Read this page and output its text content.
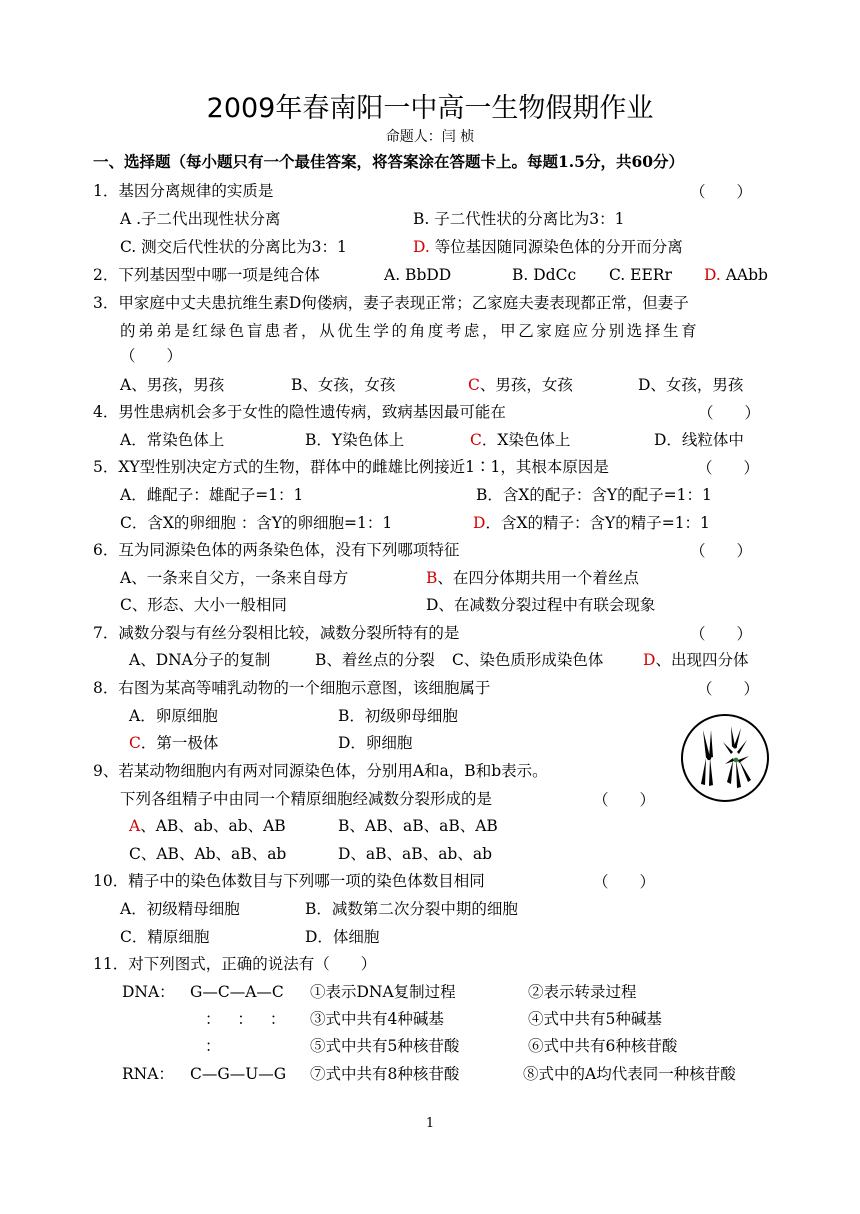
2009年春南阳一中高一生物假期作业
命题人：闫 桢
一、选择题（每小题只有一个最佳答案，将答案涂在答题卡上。每题1.5分，共60分）
1．基因分离规律的实质是	（　　）
A .子二代出现性状分离	B. 子二代性状的分离比为3：1
C. 测交后代性状的分离比为3：1	D. 等位基因随同源染色体的分开而分离
2．下列基因型中哪一项是纯合体	A. BbDD	B. DdCc C. EERr D. AAbb
3．甲家庭中丈夫患抗维生素D佝偻病，妻子表现正常；乙家庭夫妻表现都正常，但妻子
的弟弟是红绿色盲患者，从优生学的角度考虑，甲乙家庭应分别选择生育
（　　）
A、男孩，男孩	B、女孩，女孩	C、男孩，女孩	D、女孩，男孩
4．男性患病机会多于女性的隐性遗传病，致病基因最可能在	（　　）
A．常染色体上	B．Y染色体上	C．X染色体上	D．线粒体中
5．XY型性别决定方式的生物，群体中的雌雄比例接近1∶1，其根本原因是	（　　）
A．雌配子：雄配子=1：1	B．含X的配子：含Y的配子=1：1
C．含X的卵细胞 ：含Y的卵细胞=1：1	D．含X的精子：含Y的精子=1：1
6．互为同源染色体的两条染色体，没有下列哪项特征	（　　）
A、一条来自父方，一条来自母方	B、在四分体期共用一个着丝点
C、形态、大小一般相同	D、在减数分裂过程中有联会现象
7．减数分裂与有丝分裂相比较，减数分裂所特有的是	（　　）
A、DNA分子的复制	B、着丝点的分裂 C、染色质形成染色体	D、出现四分体
8．右图为某高等哺乳动物的一个细胞示意图，该细胞属于	（　　）
A．卵原细胞	B．初级卵母细胞
C．第一极体	D．卵细胞
9、若某动物细胞内有两对同源染色体，分别用A和a，B和b表示。
下列各组精子中由同一个精原细胞经减数分裂形成的是	（　　）
A、AB、ab、ab、AB	B、AB、aB、aB、AB
C、AB、Ab、aB、ab	D、aB、aB、ab、ab
10．精子中的染色体数目与下列哪一项的染色体数目相同	（　　）
A．初级精母细胞	B．减数第二次分裂中期的细胞
C．精原细胞	D．体细胞
11．对下列图式，正确的说法有（　　）
DNA： G—C—A—C ①表示DNA复制过程	②表示转录过程
： ： ： ③式中共有4种碱基	④式中共有5种碱基
：	⑤式中共有5种核苷酸	⑥式中共有6种核苷酸
RNA： C—G—U—G ⑦式中共有8种核苷酸	⑧式中的A均代表同一种核苷酸
1
